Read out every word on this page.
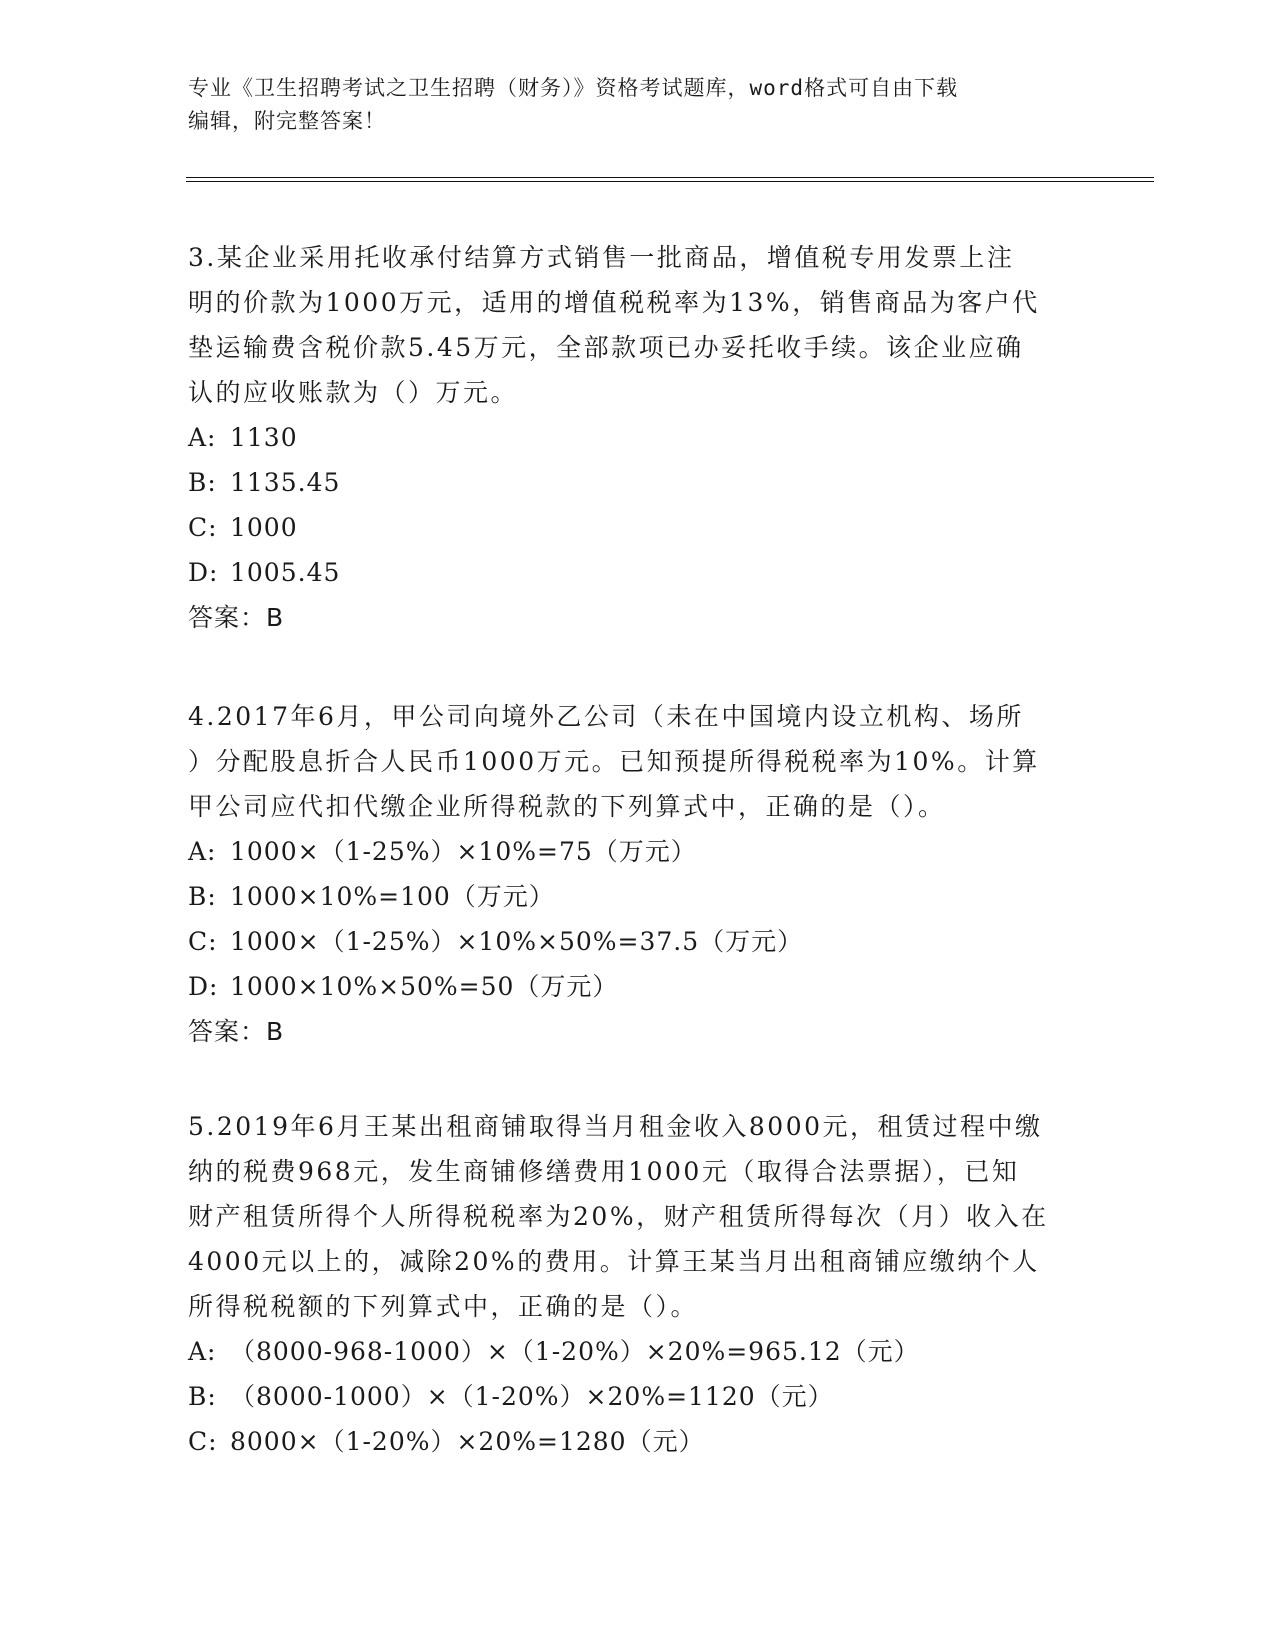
专业《卫生招聘考试之卫生招聘（财务）》资格考试题库，word格式可自由下载
编辑，附完整答案！

3.某企业采用托收承付结算方式销售一批商品，增值税专用发票上注

明的价款为1000万元，适用的增值税税率为13%，销售商品为客户代

垫运输费含税价款5.45万元，全部款项已办妥托收手续。该企业应确

认的应收账款为（）万元。

A: 1130

B: 1135.45

C: 1000

D: 1005.45

答案：B

4.2017年6月，甲公司向境外乙公司（未在中国境内设立机构、场所

）分配股息折合人民币1000万元。已知预提所得税税率为10%。计算

甲公司应代扣代缴企业所得税款的下列算式中，正确的是（）。

A: 1000×（1-25%）×10%=75（万元）

B: 1000×10%=100（万元）

C: 1000×（1-25%）×10%×50%=37.5（万元）

D: 1000×10%×50%=50（万元）

答案：B

5.2019年6月王某出租商铺取得当月租金收入8000元，租赁过程中缴

纳的税费968元，发生商铺修缮费用1000元（取得合法票据），已知

财产租赁所得个人所得税税率为20%，财产租赁所得每次（月）收入在

4000元以上的，减除20%的费用。计算王某当月出租商铺应缴纳个人

所得税税额的下列算式中，正确的是（）。

A: （8000-968-1000）×（1-20%）×20%=965.12（元）

B: （8000-1000）×（1-20%）×20%=1120（元）

C: 8000×（1-20%）×20%=1280（元）
